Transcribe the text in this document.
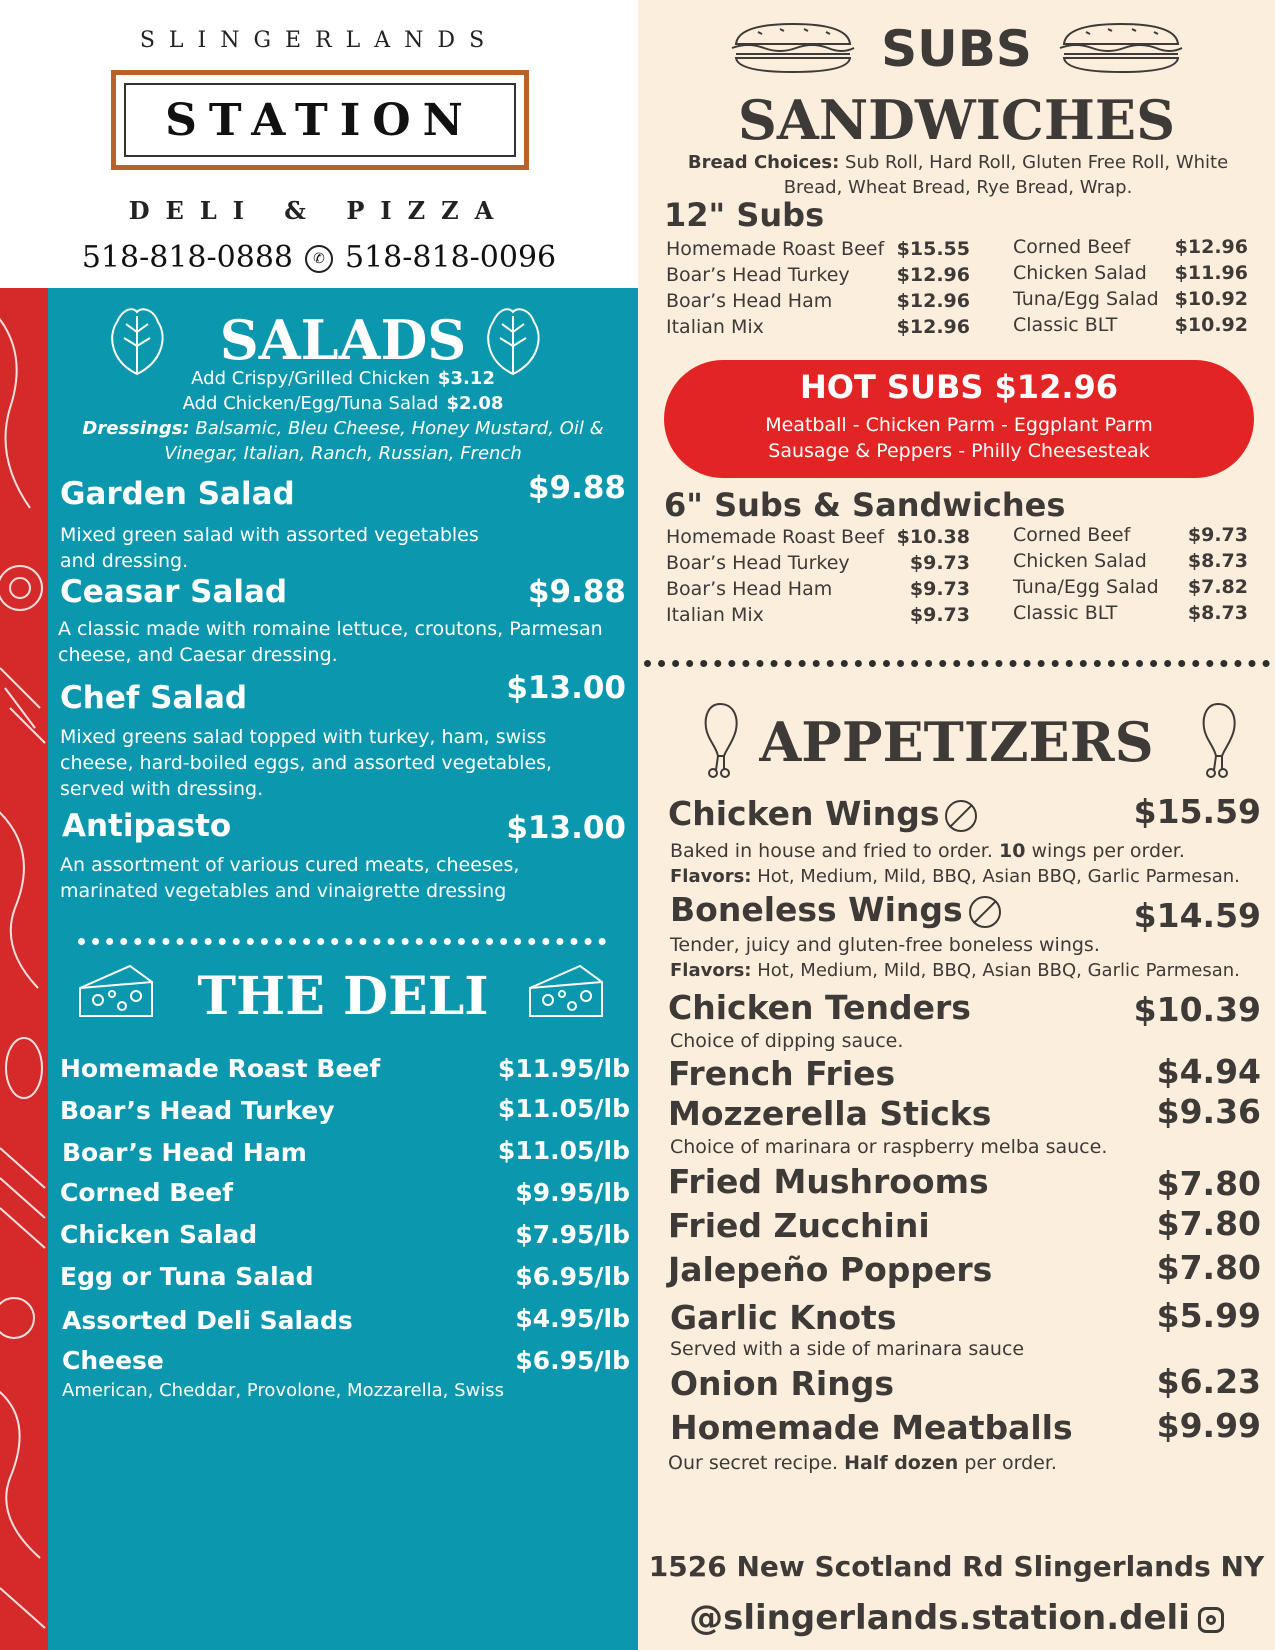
SLINGERLANDS
STATION
DELI & PIZZA
518-818-0888 ✆ 518-818-0096
SALADS
Add Crispy/Grilled Chicken $3.12
Add Chicken/Egg/Tuna Salad $2.08
Dressings: Balsamic, Bleu Cheese, Honey Mustard, Oil & Vinegar, Italian, Ranch, Russian, French
Garden Salad	$9.88
Mixed green salad with assorted vegetables and dressing.
Ceasar Salad	$9.88
A classic made with romaine lettuce, croutons, Parmesan cheese, and Caesar dressing.
Chef Salad	$13.00
Mixed greens salad topped with turkey, ham, swiss cheese, hard-boiled eggs, and assorted vegetables, served with dressing.
Antipasto	$13.00
An assortment of various cured meats, cheeses, marinated vegetables and vinaigrette dressing
THE DELI
Homemade Roast Beef	$11.95/lb
Boar’s Head Turkey	$11.05/lb
Boar’s Head Ham	$11.05/lb
Corned Beef	$9.95/lb
Chicken Salad	$7.95/lb
Egg or Tuna Salad	$6.95/lb
Assorted Deli Salads	$4.95/lb
Cheese	$6.95/lb
American, Cheddar, Provolone, Mozzarella, Swiss
SUBS
SANDWICHES
Bread Choices: Sub Roll, Hard Roll, Gluten Free Roll, White Bread, Wheat Bread, Rye Bread, Wrap.
12" Subs
Homemade Roast Beef $15.55
Boar’s Head Turkey	$12.96
Boar’s Head Ham	$12.96
Italian Mix	$12.96
Corned Beef	$12.96
Chicken Salad	$11.96
Tuna/Egg Salad $10.92
Classic BLT	$10.92
HOT SUBS $12.96
Meatball - Chicken Parm - Eggplant Parm
Sausage & Peppers - Philly Cheesesteak
6" Subs & Sandwiches
Homemade Roast Beef $10.38
Boar’s Head Turkey	$9.73
Boar’s Head Ham	$9.73
Italian Mix	$9.73
Corned Beef	$9.73
Chicken Salad	$8.73
Tuna/Egg Salad	$7.82
Classic BLT	$8.73
APPETIZERS
Chicken Wings	$15.59
Baked in house and fried to order. 10 wings per order.
Flavors: Hot, Medium, Mild, BBQ, Asian BBQ, Garlic Parmesan.
Boneless Wings	$14.59
Tender, juicy and gluten-free boneless wings.
Flavors: Hot, Medium, Mild, BBQ, Asian BBQ, Garlic Parmesan.
Chicken Tenders	$10.39
Choice of dipping sauce.
French Fries	$4.94
Mozzerella Sticks	$9.36
Choice of marinara or raspberry melba sauce.
Fried Mushrooms	$7.80
Fried Zucchini	$7.80
Jalepeño Poppers	$7.80
Garlic Knots	$5.99
Served with a side of marinara sauce
Onion Rings	$6.23
Homemade Meatballs	$9.99
Our secret recipe. Half dozen per order.
1526 New Scotland Rd Slingerlands NY
@slingerlands.station.deli
